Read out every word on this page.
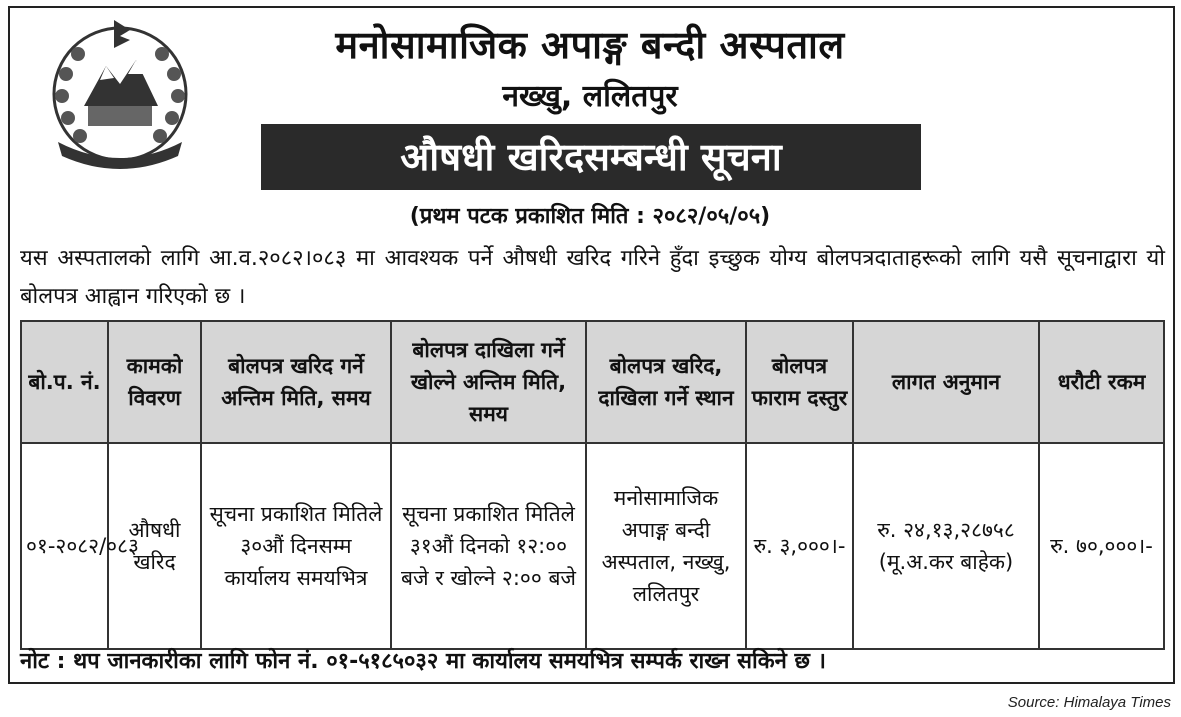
मनोसामाजिक अपाङ्ग बन्दी अस्पताल
नख्खु, ललितपुर
औषधी खरिदसम्बन्धी सूचना
(प्रथम पटक प्रकाशित मिति : २०८२/०५/०५)
यस अस्पतालको लागि आ.व.२०८२।०८३ मा आवश्यक पर्ने औषधी खरिद गरिने हुँदा इच्छुक योग्य बोलपत्रदाताहरूको लागि यसै सूचनाद्वारा यो बोलपत्र आह्वान गरिएको छ ।
बो.प. नं.	कामको विवरण	बोलपत्र खरिद गर्ने अन्तिम मिति, समय	बोलपत्र दाखिला गर्ने खोल्ने अन्तिम मिति, समय	बोलपत्र खरिद, दाखिला गर्ने स्थान	बोलपत्र फाराम दस्तुर	लागत अनुमान	धरौटी रकम
०१-२०८२/०८३	औषधी खरिद	सूचना प्रकाशित मितिले ३०औं दिनसम्म कार्यालय समयभित्र	सूचना प्रकाशित मितिले ३१औं दिनको १२:०० बजे र खोल्ने २:०० बजे	मनोसामाजिक अपाङ्ग बन्दी अस्पताल, नख्खु, ललितपुर	रु. ३,०००।-	रु. २४,१३,२८७५८ (मू.अ.कर बाहेक)	रु. ७०,०००।-
नोट : थप जानकारीका लागि फोन नं. ०१-५१८५०३२ मा कार्यालय समयभित्र सम्पर्क राख्न सकिने छ ।
Source: Himalaya Times
